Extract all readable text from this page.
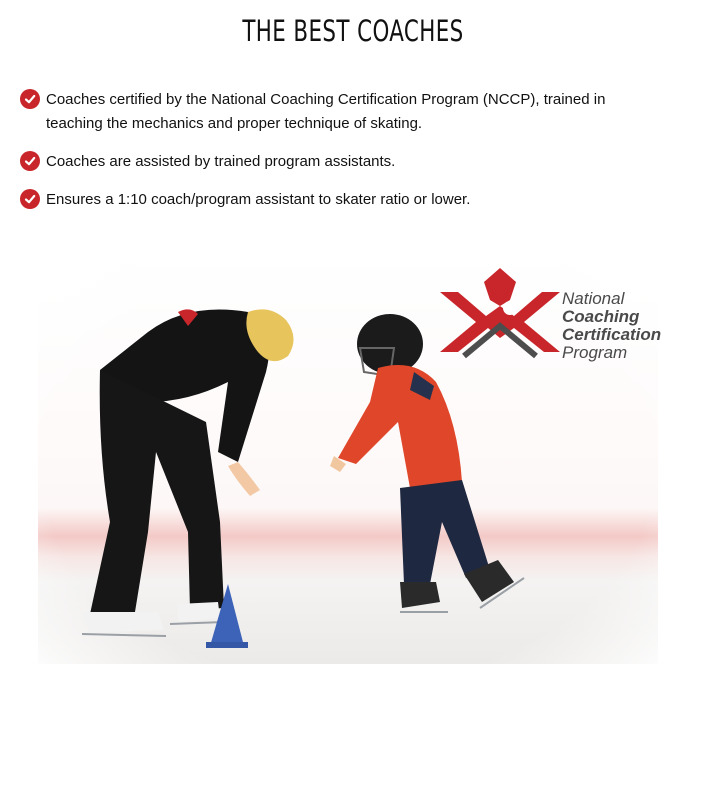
THE BEST COACHES
Coaches certified by the National Coaching Certification Program (NCCP), trained in teaching the mechanics and proper technique of skating.
Coaches are assisted by trained program assistants.
Ensures a 1:10 coach/program assistant to skater ratio or lower.
National
Coaching
Certification
Program
